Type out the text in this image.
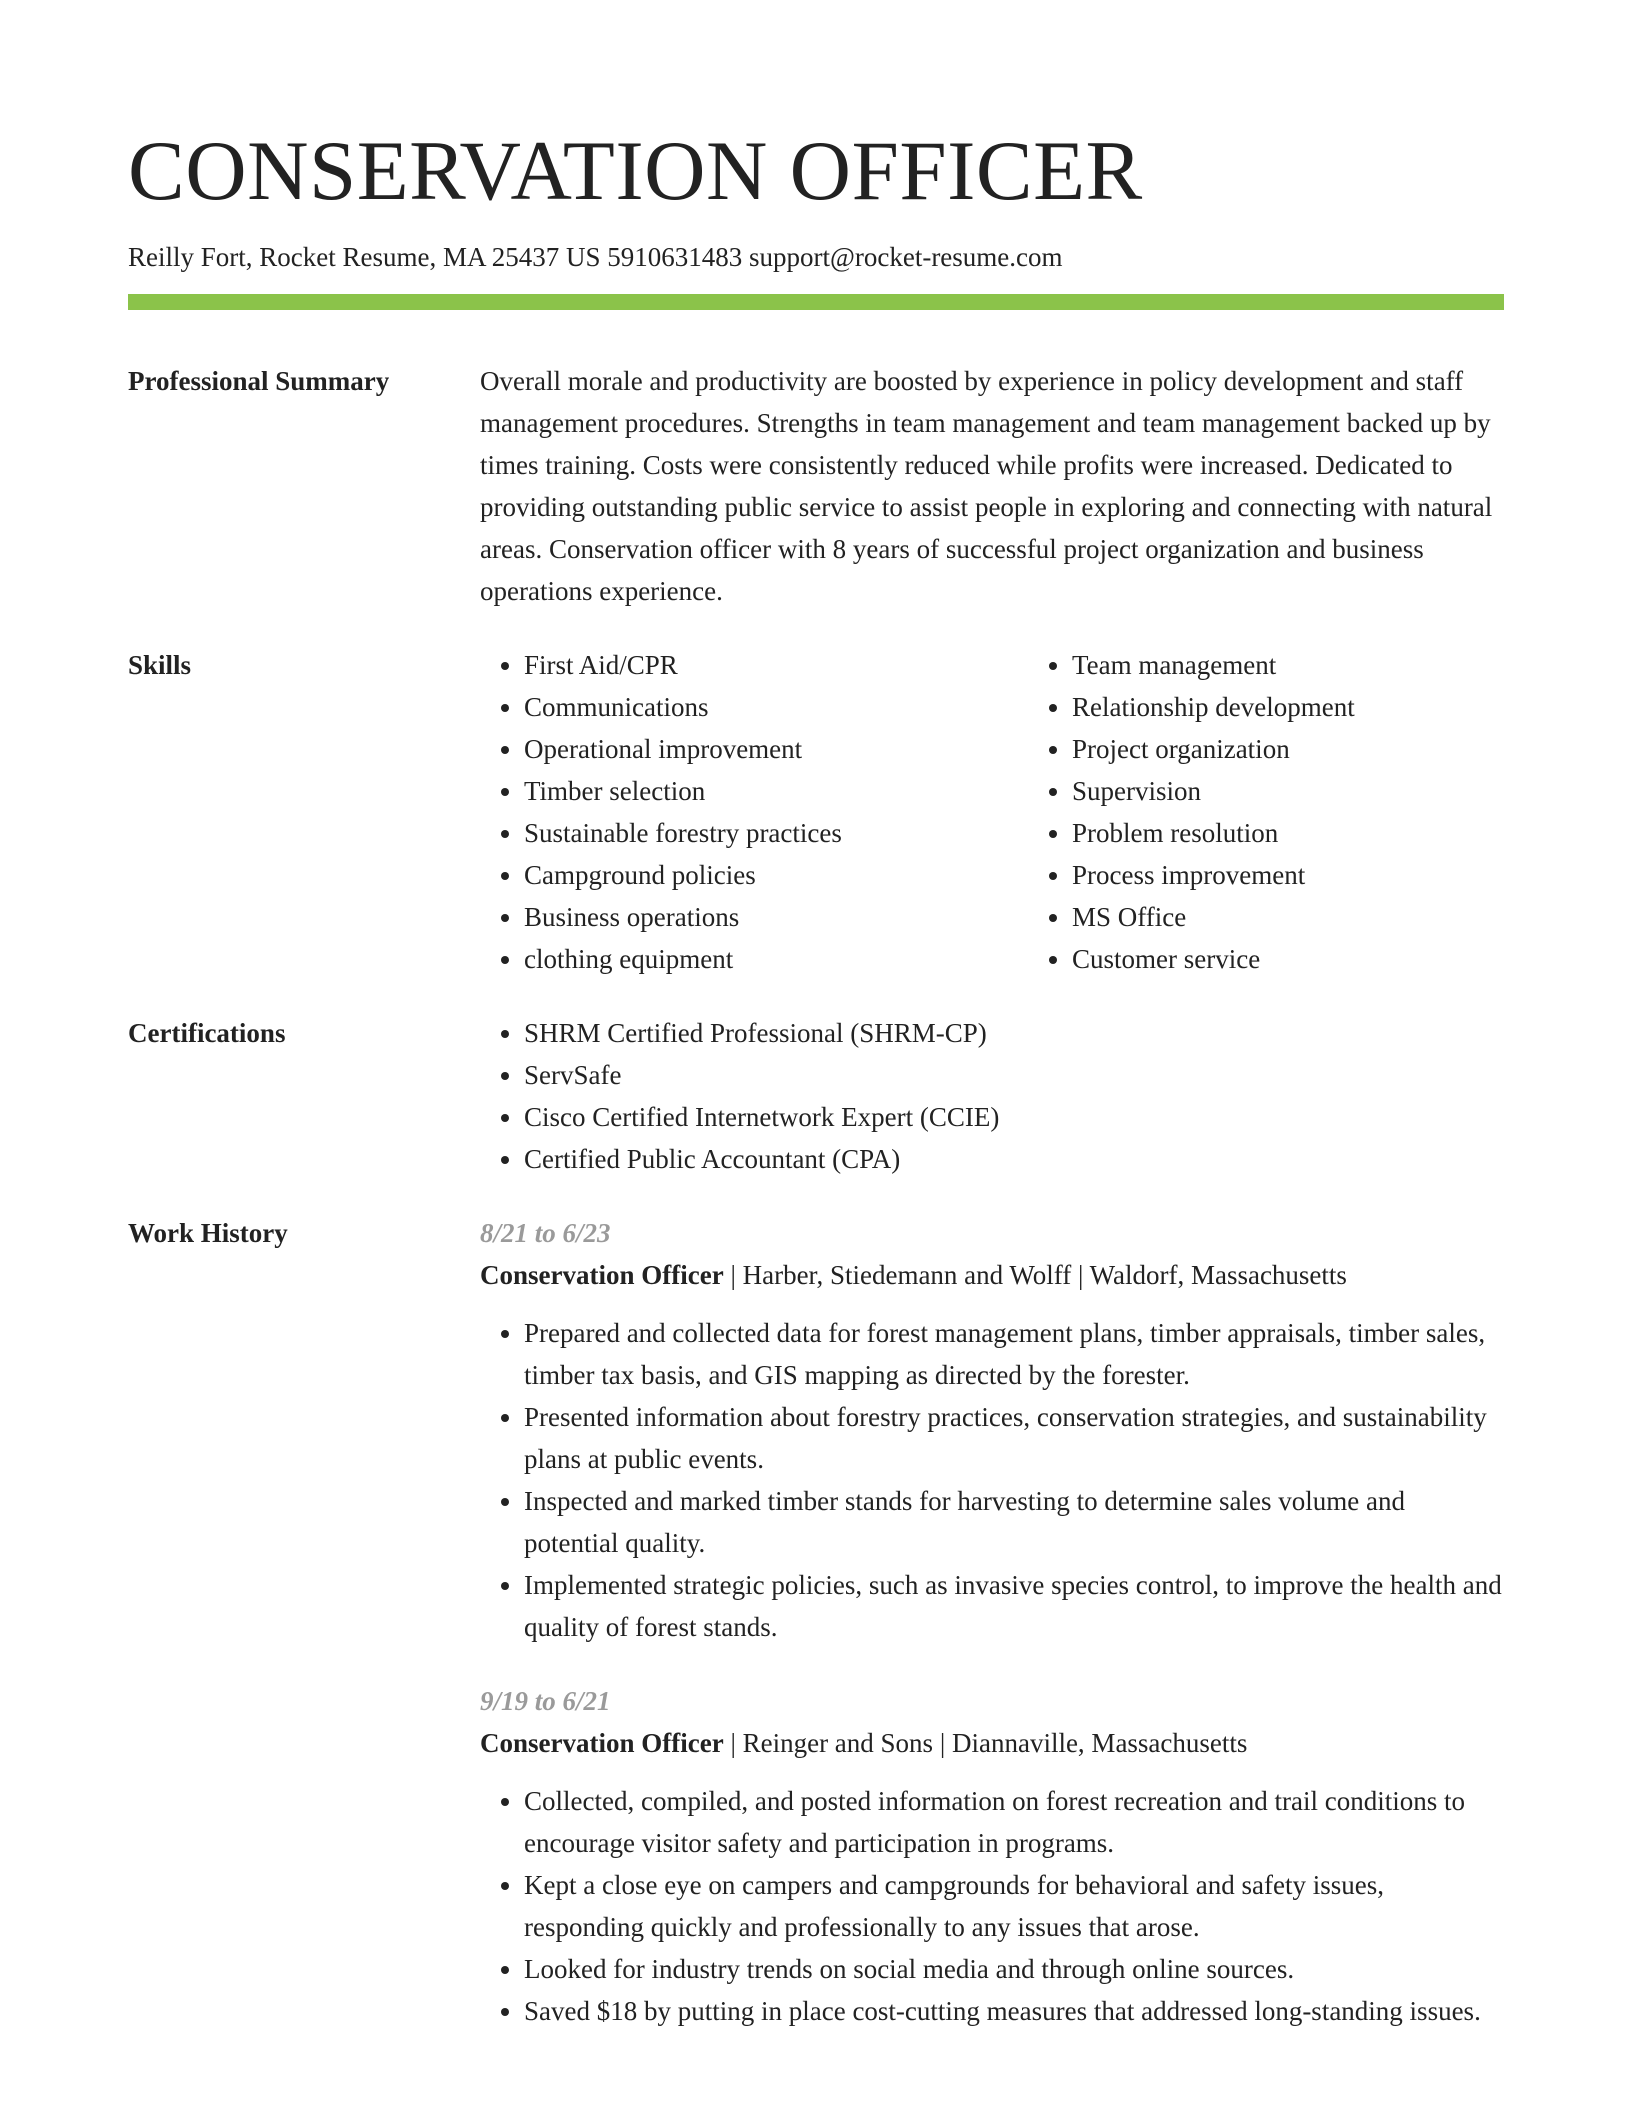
CONSERVATION OFFICER
Reilly Fort, Rocket Resume, MA 25437 US 5910631483 support@rocket-resume.com
Professional Summary	Overall morale and productivity are boosted by experience in policy development and staff management procedures. Strengths in team management and team management backed up by times training. Costs were consistently reduced while profits were increased. Dedicated to providing outstanding public service to assist people in exploring and connecting with natural areas. Conservation officer with 8 years of successful project organization and business operations experience.
Skills	• First Aid/CPR
• Communications
• Operational improvement
• Timber selection
• Sustainable forestry practices
• Campground policies
• Business operations
• clothing equipment
• Team management
• Relationship development
• Project organization
• Supervision
• Problem resolution
• Process improvement
• MS Office
• Customer service
Certifications	• SHRM Certified Professional (SHRM-CP)
• ServSafe
• Cisco Certified Internetwork Expert (CCIE)
• Certified Public Accountant (CPA)
Work History	8/21 to 6/23
Conservation Officer | Harber, Stiedemann and Wolff | Waldorf, Massachusetts
• Prepared and collected data for forest management plans, timber appraisals, timber sales, timber tax basis, and GIS mapping as directed by the forester.
• Presented information about forestry practices, conservation strategies, and sustainability plans at public events.
• Inspected and marked timber stands for harvesting to determine sales volume and potential quality.
• Implemented strategic policies, such as invasive species control, to improve the health and quality of forest stands.
9/19 to 6/21
Conservation Officer | Reinger and Sons | Diannaville, Massachusetts
• Collected, compiled, and posted information on forest recreation and trail conditions to encourage visitor safety and participation in programs.
• Kept a close eye on campers and campgrounds for behavioral and safety issues, responding quickly and professionally to any issues that arose.
• Looked for industry trends on social media and through online sources.
• Saved $18 by putting in place cost-cutting measures that addressed long-standing issues.
